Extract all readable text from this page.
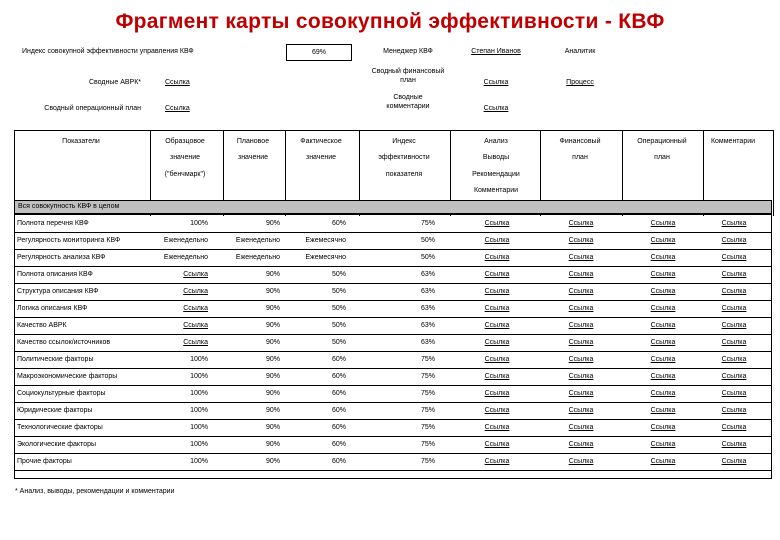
Фрагмент карты совокупной эффективности - КВФ
Индекс совокупной эффективности управления КВФ	69%	Менеджер КВФ	Степан Иванов	Аналитик
Сводные АВРК*	Ссылка
Сводный финансовый план	Ссылка	Процесс
Сводный операционный план	Ссылка
Сводные комментарии	Ссылка
Показатели	Образцовое
значение
("бенчмарк")
Плановое
значение
Фактическое
значение
Индекс
эффективности
показателя
Анализ
Выводы
Рекомендации
Комментарии
Финансовый
план
Операционный
план
Комментарии
Вся совокупность КВФ в целом
Полнота перечня КВФ	100%	90%	60%	75%	Ссылка	Ссылка	Ссылка	Ссылка
Регулярность мониторинга КВФ	Еженедельно	Еженедельно	Ежемесячно	50%	Ссылка	Ссылка	Ссылка	Ссылка
Регулярность анализа КВФ	Еженедельно	Еженедельно	Ежемесячно	50%	Ссылка	Ссылка	Ссылка	Ссылка
Полнота описания КВФ	Ссылка	90%	50%	63%	Ссылка	Ссылка	Ссылка	Ссылка
Структура описания КВФ	Ссылка	90%	50%	63%	Ссылка	Ссылка	Ссылка	Ссылка
Логика описания КВФ	Ссылка	90%	50%	63%	Ссылка	Ссылка	Ссылка	Ссылка
Качество АВРК	Ссылка	90%	50%	63%	Ссылка	Ссылка	Ссылка	Ссылка
Качество ссылок/источников	Ссылка	90%	50%	63%	Ссылка	Ссылка	Ссылка	Ссылка
Политические факторы	100%	90%	60%	75%	Ссылка	Ссылка	Ссылка	Ссылка
Макроэкономические факторы	100%	90%	60%	75%	Ссылка	Ссылка	Ссылка	Ссылка
Социокультурные факторы	100%	90%	60%	75%	Ссылка	Ссылка	Ссылка	Ссылка
Юридические факторы	100%	90%	60%	75%	Ссылка	Ссылка	Ссылка	Ссылка
Технологические факторы	100%	90%	60%	75%	Ссылка	Ссылка	Ссылка	Ссылка
Экологические факторы	100%	90%	60%	75%	Ссылка	Ссылка	Ссылка	Ссылка
Прочие факторы	100%	90%	60%	75%	Ссылка	Ссылка	Ссылка	Ссылка
* Анализ, выводы, рекомендации и комментарии
